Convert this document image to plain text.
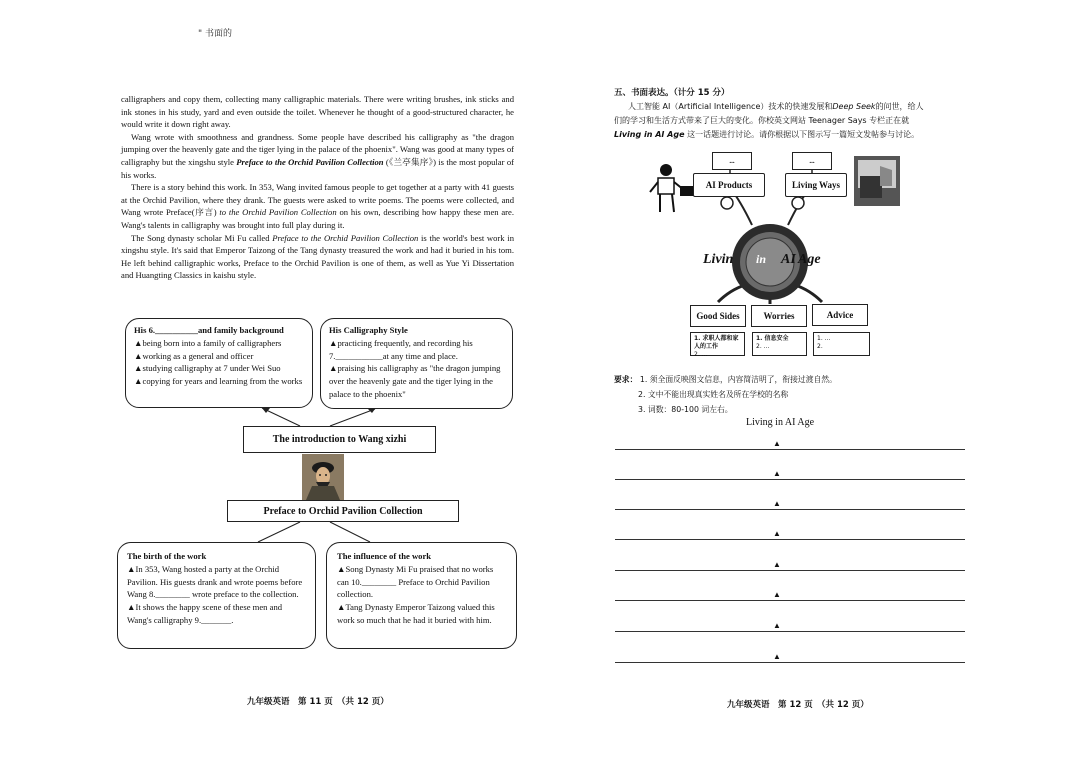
" 书面的

calligraphers and copy them, collecting many calligraphic materials. There were writing brushes, ink sticks and ink stones in his study, yard and even outside the toilet. Whenever he thought of a good-structured character, he would write it down right away.

Wang wrote with smoothness and grandness. Some people have described his calligraphy as "the dragon jumping over the heavenly gate and the tiger lying in the palace of the phoenix". Wang was good at many types of calligraphy but the xingshu style Preface to the Orchid Pavilion Collection (《兰亭集序》) is the most popular of his works.

There is a story behind this work. In 353, Wang invited famous people to get together at a party with 41 guests at the Orchid Pavilion, where they drank. The guests were asked to write poems. The poems were collected, and Wang wrote Preface(序言) to the Orchid Pavilion Collection on his own, describing how happy these men are. Wang's talents in calligraphy was brought into full play during it.

The Song dynasty scholar Mi Fu called Preface to the Orchid Pavilion Collection is the world's best work in xingshu style. It's said that Emperor Taizong of the Tang dynasty treasured the work and had it buried in his tom. He left behind calligraphic works, Preface to the Orchid Pavilion is one of them, as well as Yue Yi Dissertation and Huangting Classics in kaishu style.

His 6.__________and family background
▲being born into a family of calligraphers
▲working as a general and officer
▲studying calligraphy at 7 under Wei Suo
▲copying for years and learning from the works
His Calligraphy Style
▲practicing frequently, and recording his 7.___________at any time and place.
▲praising his calligraphy as "the dragon jumping over the heavenly gate and the tiger lying in the palace to the phoenix"
The introduction to Wang xizhi
Preface to Orchid Pavilion Collection
The birth of the work
▲In 353, Wang hosted a party at the Orchid Pavilion. His guests drank and wrote poems before Wang 8.________ wrote preface to the collection.
▲It shows the happy scene of these men and Wang's calligraphy 9._______.
The influence of the work
▲Song Dynasty Mi Fu praised that no works can 10.________ Preface to Orchid Pavilion collection.
▲Tang Dynasty Emperor Taizong valued this work so much that he had it buried with him.
九年级英语　第 11 页　（共 12 页）
五、书面表达。（计分 15 分）
人工智能 AI（Artificial Intelligence）技术的快速发展和Deep Seek的问世，给人
们的学习和生活方式带来了巨大的变化。你校英文网站 Teenager Says 专栏正在就
Living in AI Age 这一话题进行讨论。请你根据以下图示写一篇短文发帖参与讨论。
...	...
AI Products	Living Ways
Livin in AI Age
Good Sides	Worries	Advice
1. 求职人都和家人的工作
2. ...
1. 信息安全
2. ...
1. ...
2.
要求： 1. 须全面反映图文信息，内容简洁明了，衔接过渡自然。
2. 文中不能出现真实姓名及所在学校的名称
3. 词数：80-100 词左右。
Living in AI Age
▲
▲
▲
▲
▲
▲
▲
▲
九年级英语　第 12 页　（共 12 页）
